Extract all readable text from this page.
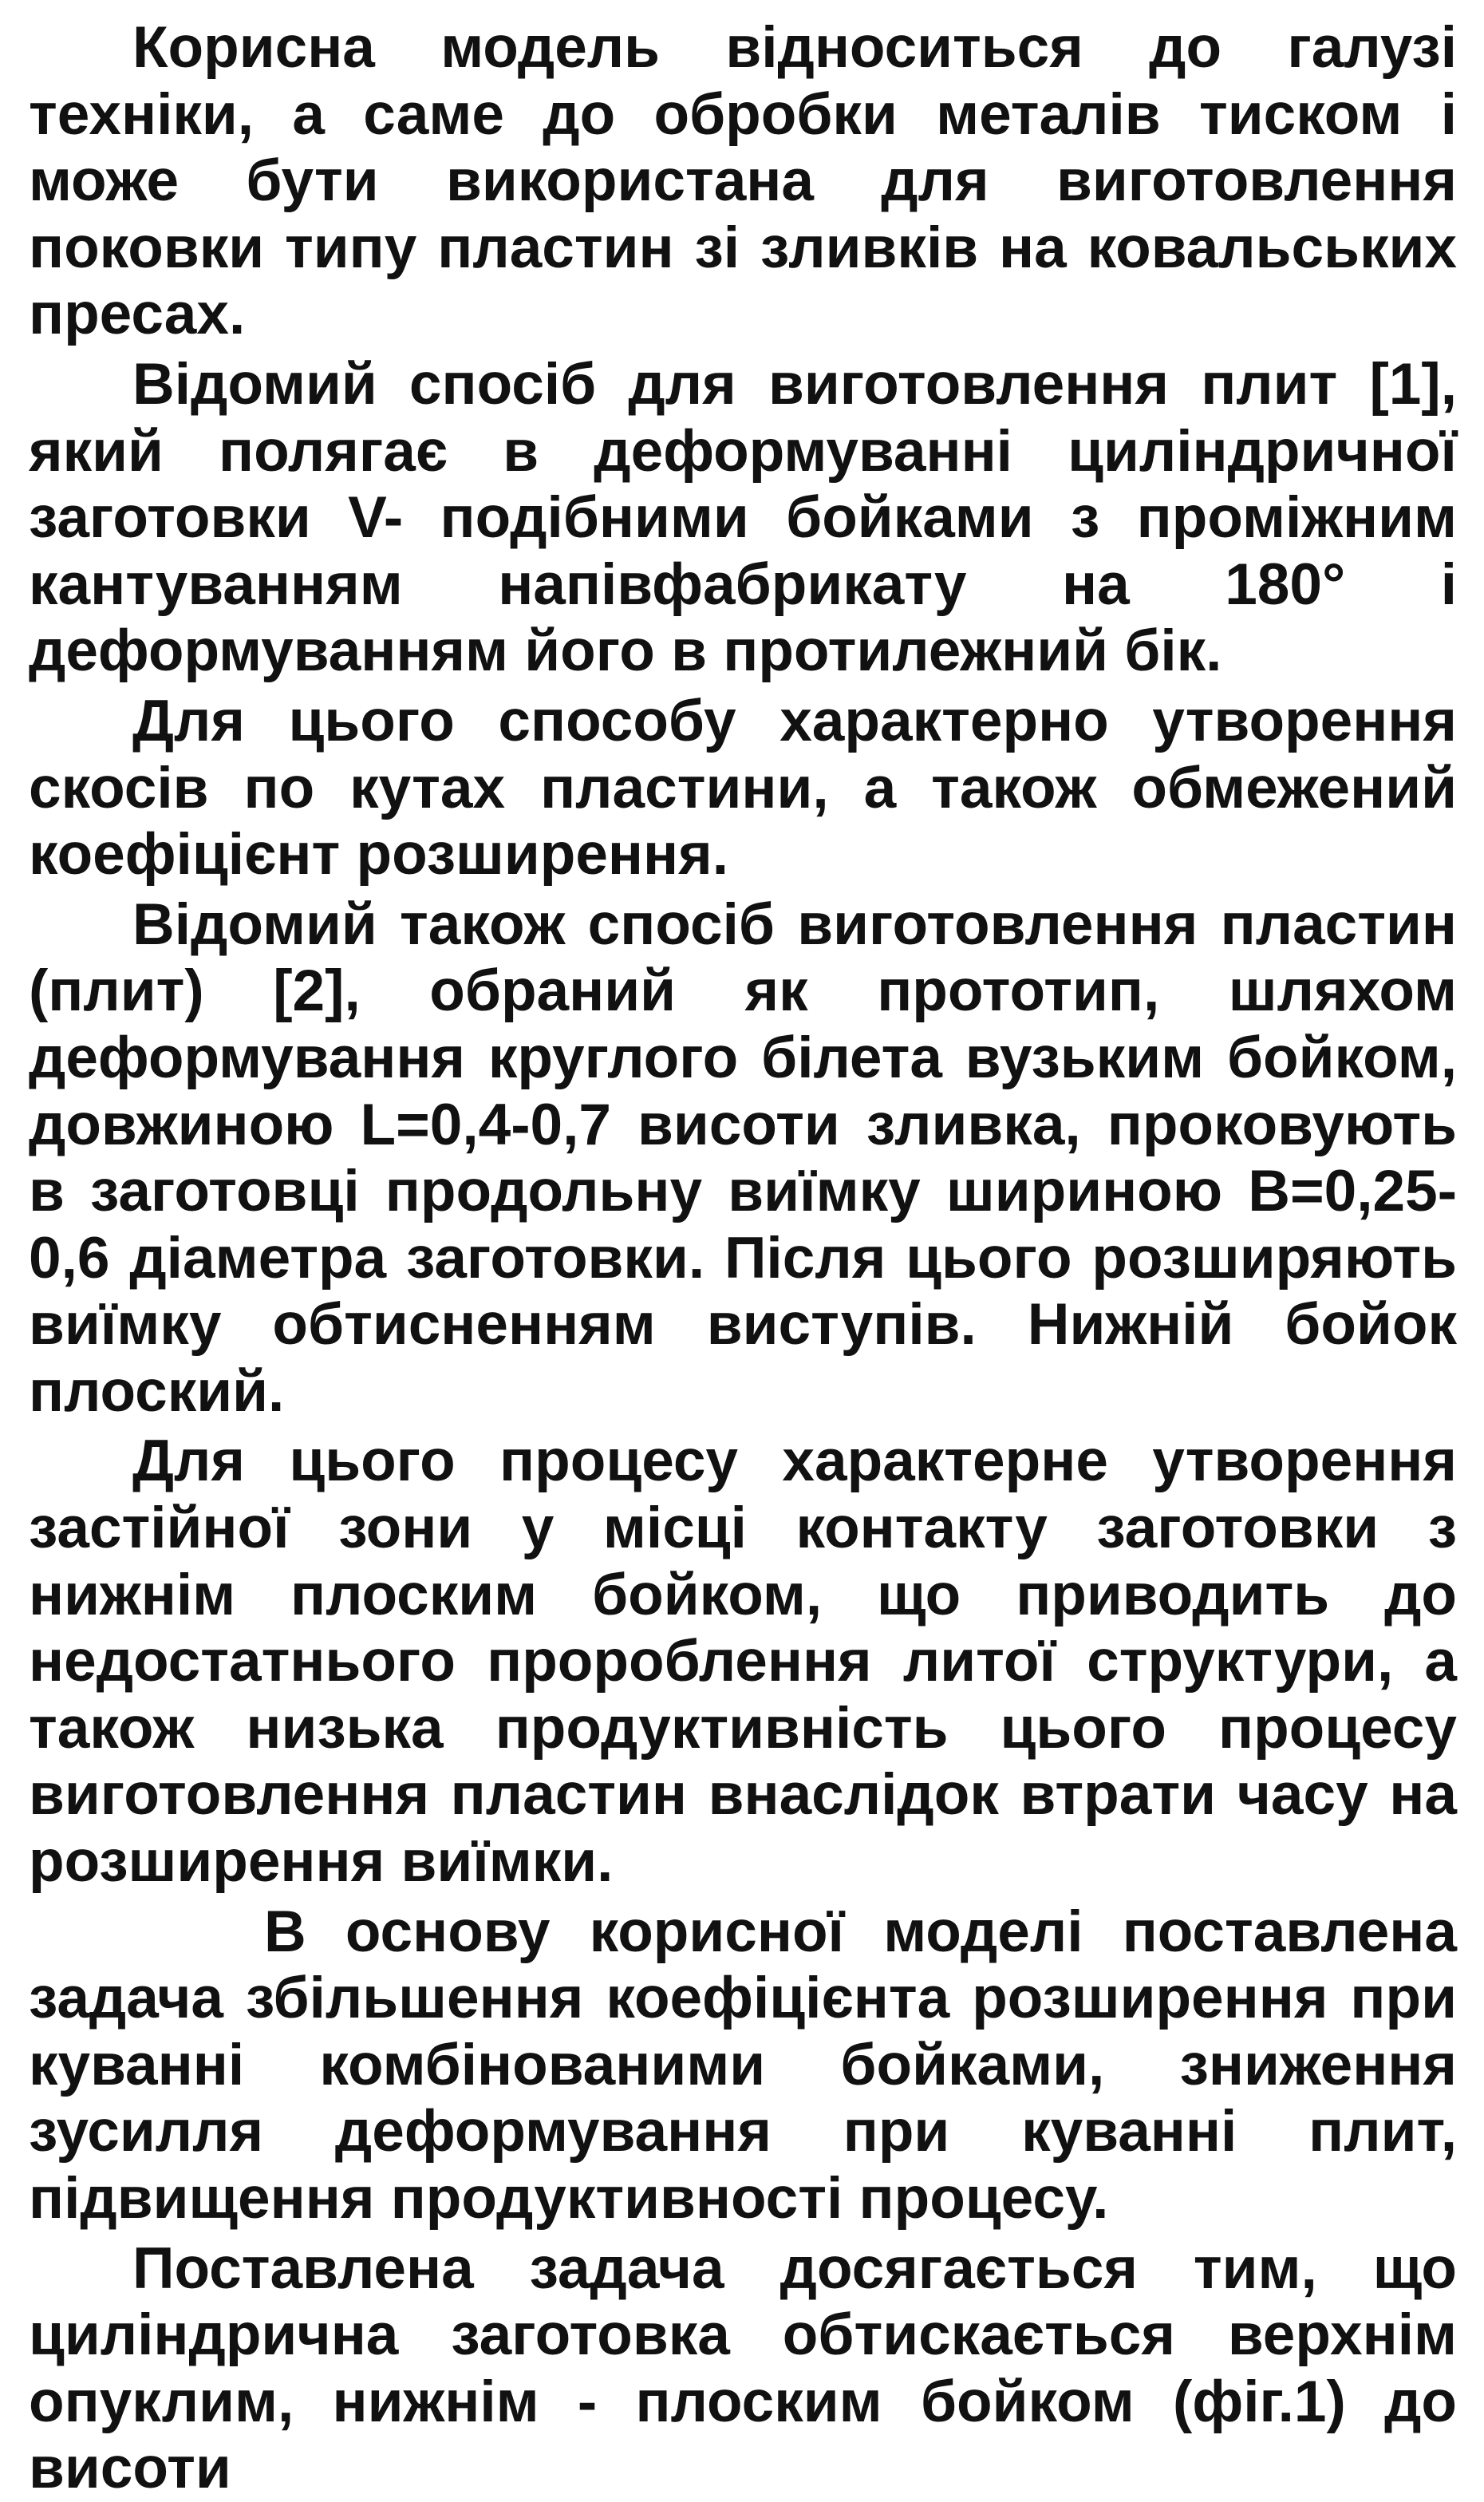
Корисна модель відноситься до галузі техніки, а саме до обробки металів тиском і може бути використана для виготовлення поковки типу пластин зі зливків на ковальських пресах.

Відомий спосіб для виготовлення плит [1], який полягає в деформуванні циліндричної заготовки V- подібними бойками з проміжним кантуванням напівфабрикату на 180° і деформуванням його в протилежний бік.

Для цього способу характерно утворення скосів по кутах пластини, а також обмежений коефіцієнт розширення.

Відомий також спосіб виготовлення пластин (плит) [2], обраний як прототип, шляхом деформування круглого білета вузьким бойком, довжиною L=0,4-0,7 висоти зливка, проковують в заготовці продольну виїмку шириною B=0,25-0,6 діаметра заготовки. Після цього розширяють виїмку обтисненням виступів. Нижній бойок плоский.

Для цього процесу характерне утворення застійної зони у місці контакту заготовки з нижнім плоским бойком, що приводить до недостатнього пророблення литої структури, а також низька продуктивність цього процесу виготовлення пластин внаслідок втрати часу на розширення виїмки.

В основу корисної моделі поставлена задача збільшення коефіцієнта розширення при куванні комбінованими бойками, зниження зусилля деформування при куванні плит, підвищення продуктивності процесу.

Поставлена задача досягається тим, що циліндрична заготовка обтискається верхнім опуклим, нижнім - плоским бойком (фіг.1) до висоти
